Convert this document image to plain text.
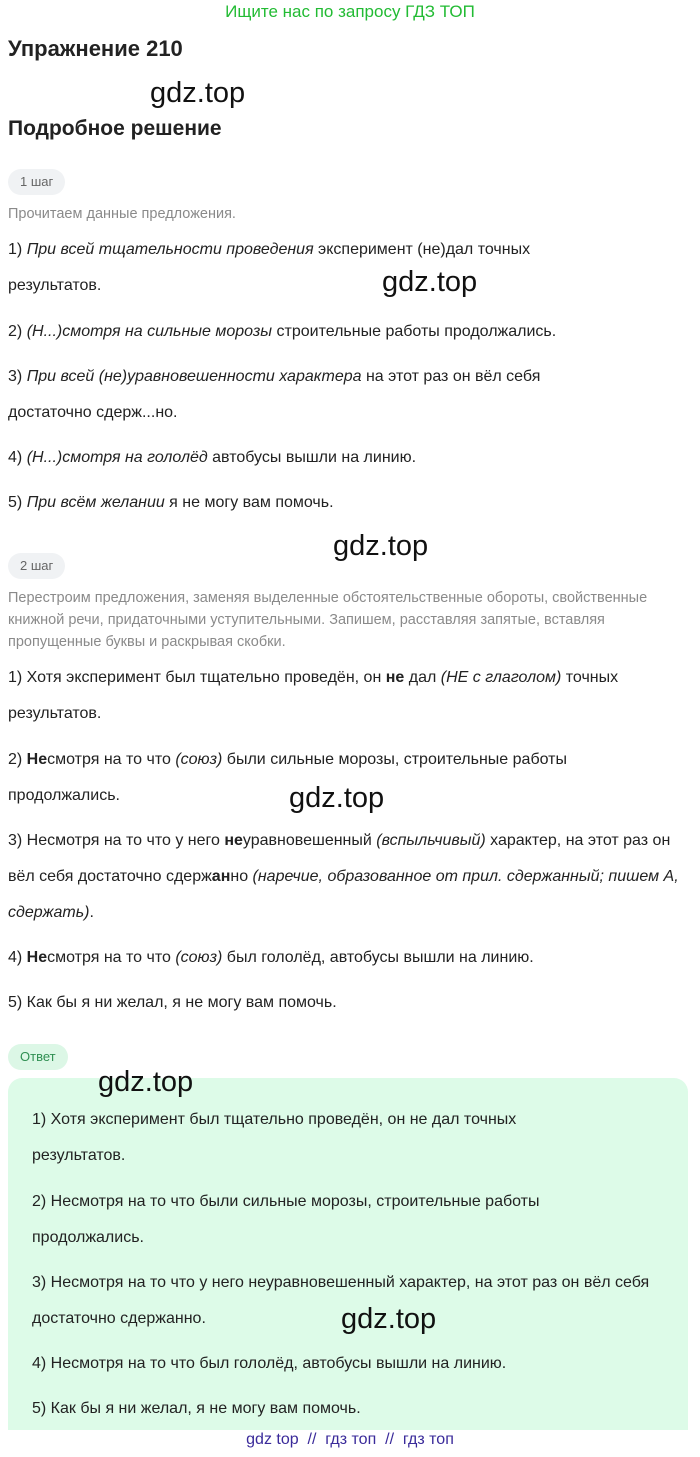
Ищите нас по запросу ГДЗ ТОП
Упражнение 210
gdz.top
Подробное решение
1 шаг
Прочитаем данные предложения.
1) При всей тщательности проведения эксперимент (не)дал точных результатов.	gdz.top
2) (Н...)смотря на сильные морозы строительные работы продолжались.
3) При всей (не)уравновешенности характера на этот раз он вёл себя достаточно сдерж...но.
4) (Н...)смотря на гололёд автобусы вышли на линию.
5) При всём желании я не могу вам помочь.
gdz.top
2 шаг
Перестроим предложения, заменяя выделенные обстоятельственные обороты, свойственные книжной речи, придаточными уступительными. Запишем, расставляя запятые, вставляя пропущенные буквы и раскрывая скобки.
1) Хотя эксперимент был тщательно проведён, он не дал (НЕ с глаголом) точных результатов.
2) Несмотря на то что (союз) были сильные морозы, строительные работы продолжались.	gdz.top
3) Несмотря на то что у него неуравновешенный (вспыльчивый) характер, на этот раз он вёл себя достаточно сдержанно (наречие, образованное от прил. сдержанный; пишем А, сдержать).
4) Несмотря на то что (союз) был гололёд, автобусы вышли на линию.
5) Как бы я ни желал, я не могу вам помочь.
Ответ
gdz.top
1) Хотя эксперимент был тщательно проведён, он не дал точных результатов.
2) Несмотря на то что были сильные морозы, строительные работы продолжались.
3) Несмотря на то что у него неуравновешенный характер, на этот раз он вёл себя достаточно сдержанно.	gdz.top
4) Несмотря на то что был гололёд, автобусы вышли на линию.
5) Как бы я ни желал, я не могу вам помочь.
gdz top  //  гдз топ  //  гдз топ
